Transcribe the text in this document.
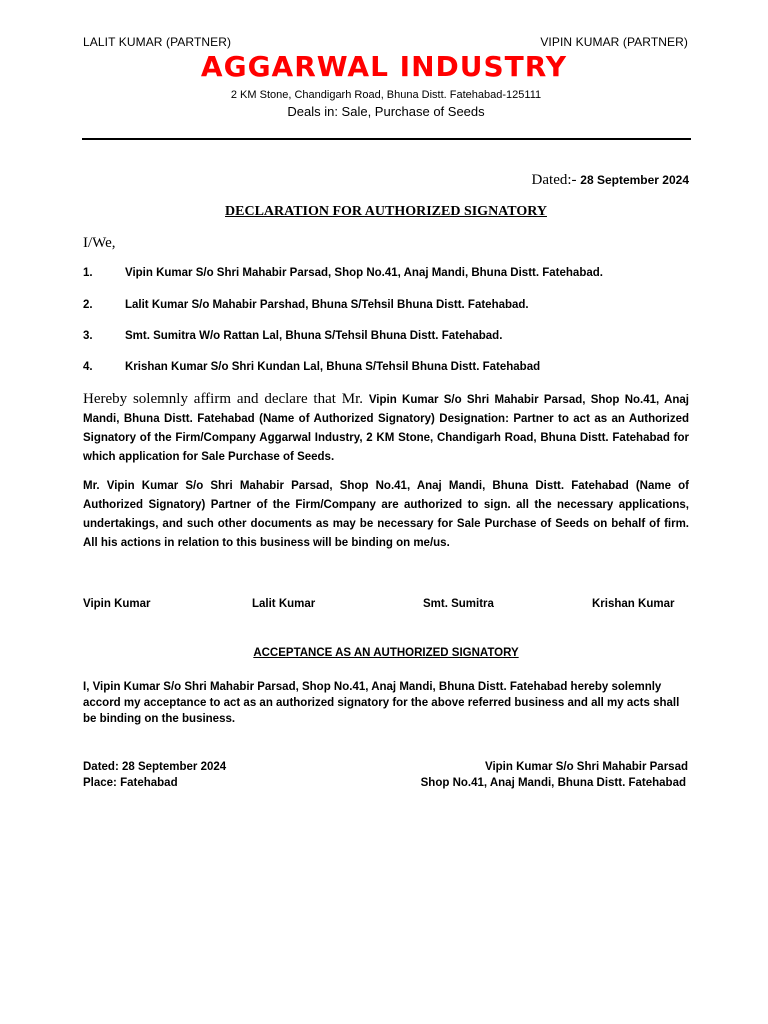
LALIT KUMAR (PARTNER)	VIPIN KUMAR (PARTNER)
AGGARWAL INDUSTRY
2 KM Stone, Chandigarh Road, Bhuna Distt. Fatehabad-125111
Deals in: Sale, Purchase of Seeds
Dated:- 28 September 2024
DECLARATION FOR AUTHORIZED SIGNATORY
I/We,
1.	Vipin Kumar S/o Shri Mahabir Parsad, Shop No.41, Anaj Mandi, Bhuna Distt. Fatehabad.
2.	Lalit Kumar S/o Mahabir Parshad, Bhuna S/Tehsil Bhuna Distt. Fatehabad.
3.	Smt. Sumitra W/o Rattan Lal, Bhuna S/Tehsil Bhuna Distt. Fatehabad.
4.	Krishan Kumar S/o Shri Kundan Lal, Bhuna S/Tehsil Bhuna Distt. Fatehabad
Hereby solemnly affirm and declare that Mr. Vipin Kumar S/o Shri Mahabir Parsad, Shop No.41, Anaj Mandi, Bhuna Distt. Fatehabad (Name of Authorized Signatory) Designation: Partner to act as an Authorized Signatory of the Firm/Company Aggarwal Industry, 2 KM Stone, Chandigarh Road, Bhuna Distt. Fatehabad for which application for Sale Purchase of Seeds.
Mr. Vipin Kumar S/o Shri Mahabir Parsad, Shop No.41, Anaj Mandi, Bhuna Distt. Fatehabad (Name of Authorized Signatory) Partner of the Firm/Company are authorized to sign. all the necessary applications, undertakings, and such other documents as may be necessary for Sale Purchase of Seeds on behalf of firm. All his actions in relation to this business will be binding on me/us.
Vipin Kumar	Lalit Kumar	Smt. Sumitra	Krishan Kumar
ACCEPTANCE AS AN AUTHORIZED SIGNATORY
I, Vipin Kumar S/o Shri Mahabir Parsad, Shop No.41, Anaj Mandi, Bhuna Distt. Fatehabad hereby solemnly accord my acceptance to act as an authorized signatory for the above referred business and all my acts shall be binding on the business.
Dated: 28 September 2024
Place: Fatehabad
Vipin Kumar S/o Shri Mahabir Parsad
Shop No.41, Anaj Mandi, Bhuna Distt. Fatehabad
